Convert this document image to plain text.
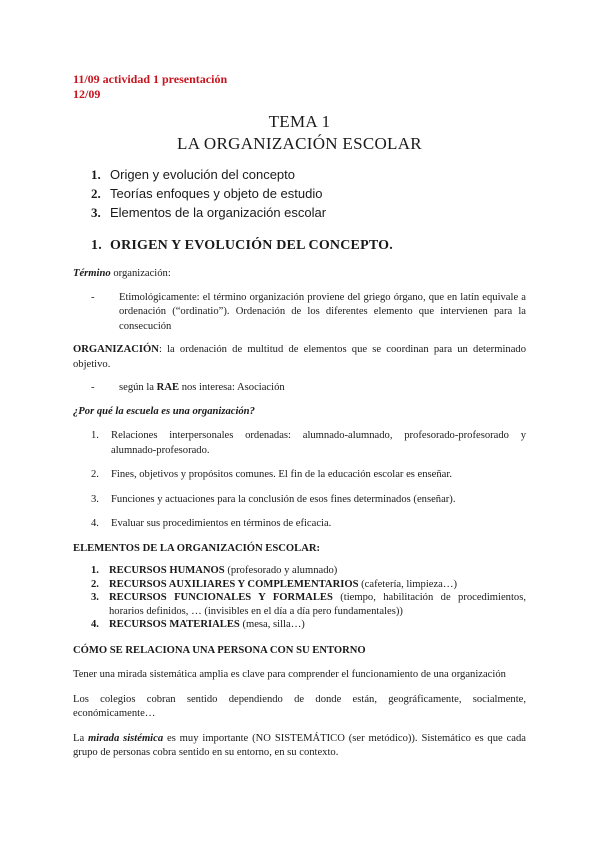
11/09 actividad 1 presentación
12/09
TEMA 1
LA ORGANIZACIÓN ESCOLAR
1. Origen y evolución del concepto
2. Teorías enfoques y objeto de estudio
3. Elementos de la organización escolar
1. ORIGEN Y EVOLUCIÓN DEL CONCEPTO.
Término organización:
-	Etimológicamente: el término organización proviene del griego órgano, que en latín equivale a ordenación (“ordinatio”). Ordenación de los diferentes elemento que intervienen para la consecución
ORGANIZACIÓN: la ordenación de multitud de elementos que se coordinan para un determinado objetivo.
-	según la RAE nos interesa: Asociación
¿Por qué la escuela es una organización?
1.	Relaciones interpersonales ordenadas: alumnado-alumnado, profesorado-profesorado y alumnado-profesorado.
2.	Fines, objetivos y propósitos comunes. El fin de la educación escolar es enseñar.
3.	Funciones y actuaciones para la conclusión de esos fines determinados (enseñar).
4.	Evaluar sus procedimientos en términos de eficacia.
ELEMENTOS DE LA ORGANIZACIÓN ESCOLAR:
1. RECURSOS HUMANOS (profesorado y alumnado)
2. RECURSOS AUXILIARES Y COMPLEMENTARIOS (cafetería, limpieza…)
3. RECURSOS FUNCIONALES Y FORMALES (tiempo, habilitación de procedimientos, horarios definidos, … (invisibles en el día a día pero fundamentales))
4. RECURSOS MATERIALES (mesa, silla…)
CÓMO SE RELACIONA UNA PERSONA CON SU ENTORNO
Tener una mirada sistemática amplia es clave para comprender el funcionamiento de una organización
Los colegios cobran sentido dependiendo de donde están, geográficamente, socialmente, económicamente…
La mirada sistémica es muy importante (NO SISTEMÁTICO (ser metódico)). Sistemático es que cada grupo de personas cobra sentido en su entorno, en su contexto.
